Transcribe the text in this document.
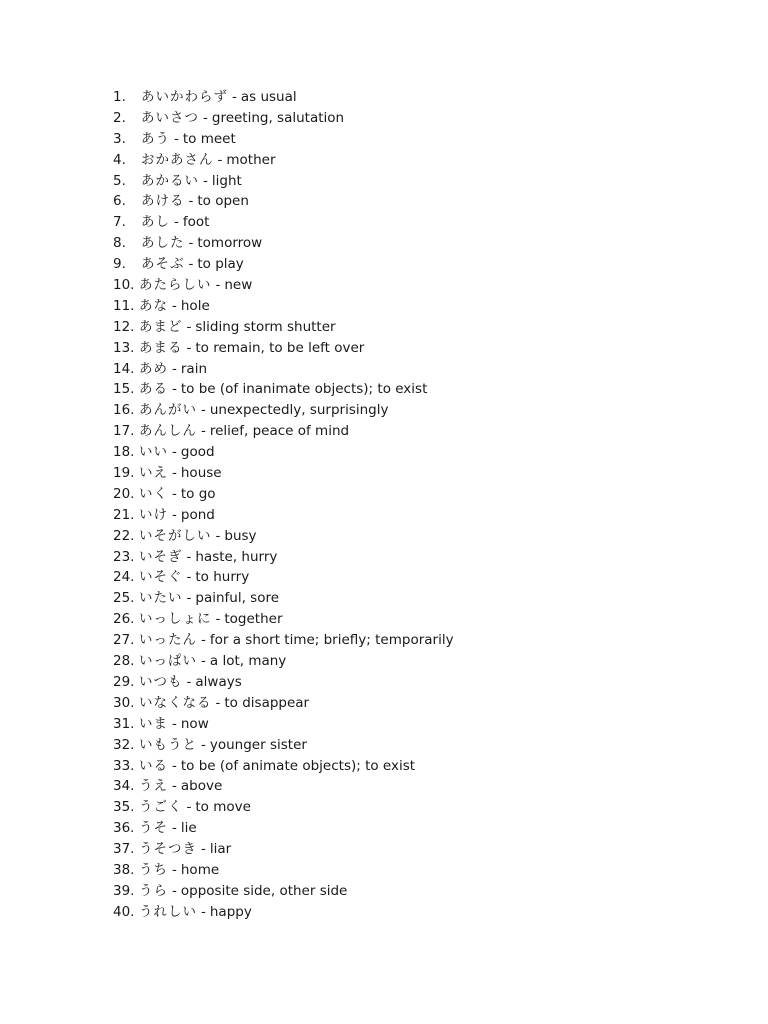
1.	あいかわらず - as usual
2.	あいさつ - greeting, salutation
3.	あう - to meet
4.	おかあさん - mother
5.	あかるい - light
6.	あける - to open
7.	あし - foot
8.	あした - tomorrow
9.	あそぶ - to play
10. あたらしい - new
11. あな - hole
12. あまど - sliding storm shutter
13. あまる - to remain, to be left over
14. あめ - rain
15. ある - to be (of inanimate objects); to exist
16. あんがい - unexpectedly, surprisingly
17. あんしん - relief, peace of mind
18. いい - good
19. いえ - house
20. いく - to go
21. いけ - pond
22. いそがしい - busy
23. いそぎ - haste, hurry
24. いそぐ - to hurry
25. いたい - painful, sore
26. いっしょに - together
27. いったん - for a short time; briefly; temporarily
28. いっぱい - a lot, many
29. いつも - always
30. いなくなる - to disappear
31. いま - now
32. いもうと - younger sister
33. いる - to be (of animate objects); to exist
34. うえ - above
35. うごく - to move
36. うそ - lie
37. うそつき - liar
38. うち - home
39. うら - opposite side, other side
40. うれしい - happy
